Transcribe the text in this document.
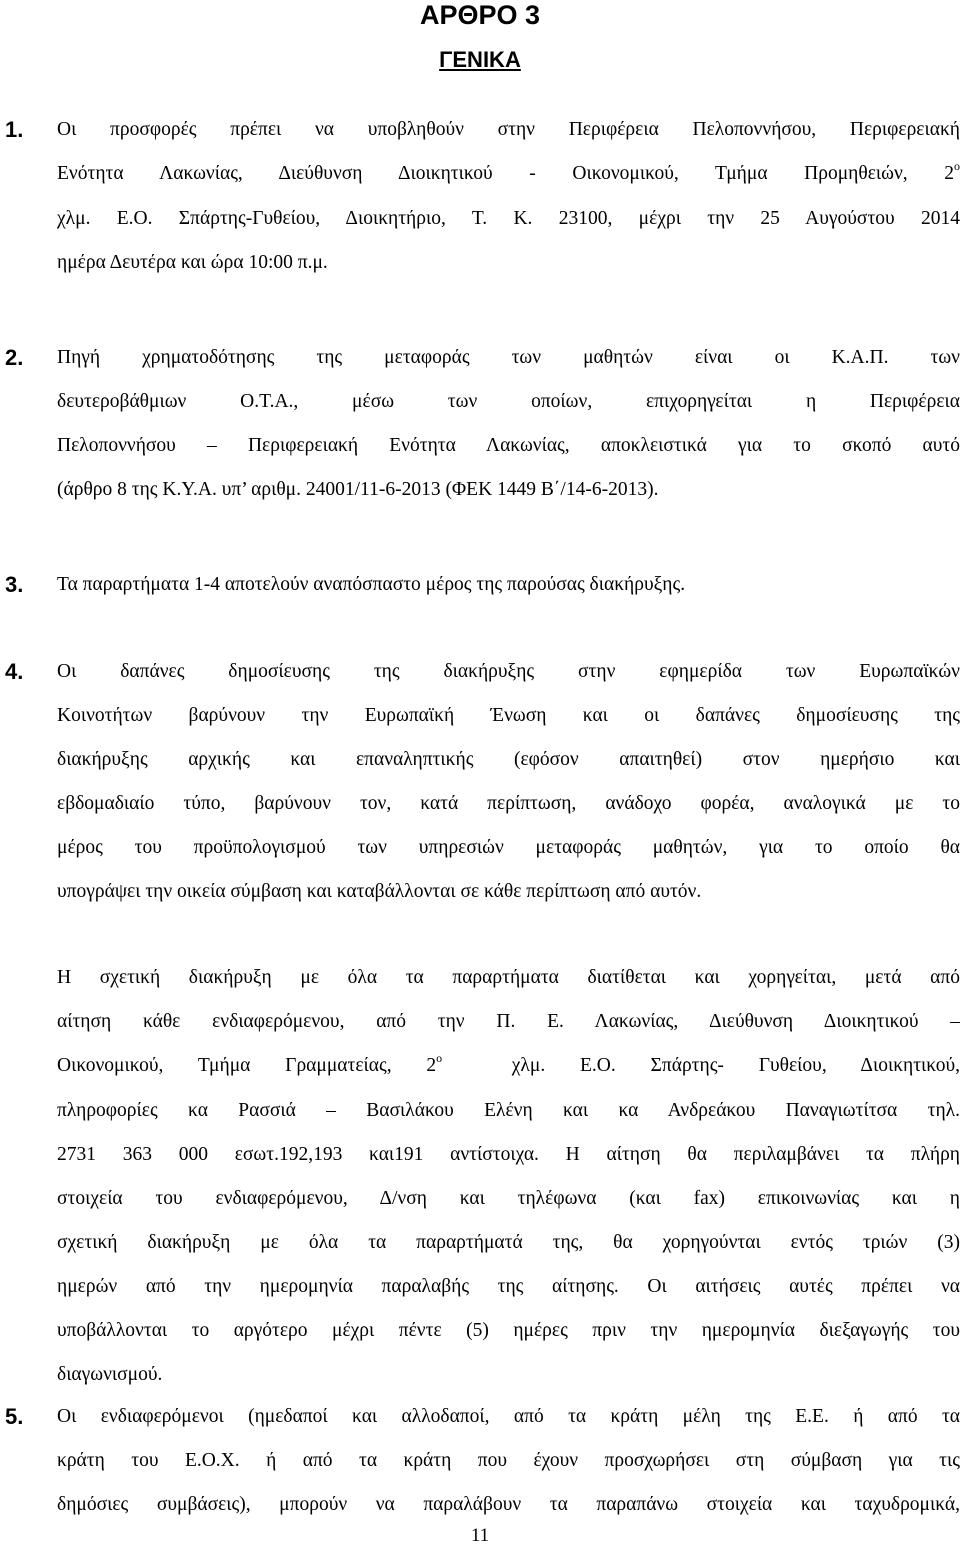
ΑΡΘΡΟ 3
ΓΕΝΙΚΑ
1. Οι προσφορές πρέπει να υποβληθούν στην Περιφέρεια Πελοποννήσου, Περιφερειακή
Ενότητα Λακωνίας, Διεύθυνση Διοικητικού - Οικονομικού, Τμήμα Προμηθειών, $2^o$
χλμ. Ε.Ο. Σπάρτης-Γυθείου, Διοικητήριο, Τ. Κ. 23100, μέχρι την 25 Αυγούστου 2014
ημέρα Δευτέρα και ώρα 10:00 π.μ.
2. Πηγή χρηματοδότησης της μεταφοράς των μαθητών είναι οι Κ.Α.Π. των
δευτεροβάθμιων Ο.Τ.Α., μέσω των οποίων, επιχορηγείται η Περιφέρεια
Πελοποννήσου – Περιφερειακή Ενότητα Λακωνίας, αποκλειστικά για το σκοπό αυτό
(άρθρο 8 της Κ.Υ.Α. υπ’ αριθμ. 24001/11-6-2013 (ΦΕΚ 1449 Β΄/14-6-2013).
3. Τα παραρτήματα 1-4 αποτελούν αναπόσπαστο μέρος της παρούσας διακήρυξης.
4. Οι δαπάνες δημοσίευσης της διακήρυξης στην εφημερίδα των Ευρωπαϊκών
Κοινοτήτων βαρύνουν την Ευρωπαϊκή Ένωση και οι δαπάνες δημοσίευσης της
διακήρυξης αρχικής και επαναληπτικής (εφόσον απαιτηθεί) στον ημερήσιο και
εβδομαδιαίο τύπο, βαρύνουν τον, κατά περίπτωση, ανάδοχο φορέα, αναλογικά με το
μέρος του προϋπολογισμού των υπηρεσιών μεταφοράς μαθητών, για το οποίο θα
υπογράψει την οικεία σύμβαση και καταβάλλονται σε κάθε περίπτωση από αυτόν.
Η σχετική διακήρυξη με όλα τα παραρτήματα διατίθεται και χορηγείται, μετά από
αίτηση κάθε ενδιαφερόμενου, από την Π. Ε. Λακωνίας, Διεύθυνση Διοικητικού –
Οικονομικού, Τμήμα Γραμματείας, $2^o$	χλμ. Ε.Ο. Σπάρτης- Γυθείου, Διοικητικού,
πληροφορίες κα Ρασσιά – Βασιλάκου Ελένη και κα Ανδρεάκου Παναγιωτίτσα τηλ.
2731 363 000 εσωτ.192,193 και191 αντίστοιχα. Η αίτηση θα περιλαμβάνει τα πλήρη
στοιχεία του ενδιαφερόμενου, Δ/νση και τηλέφωνα (και fax) επικοινωνίας και η
σχετική διακήρυξη με όλα τα παραρτήματά της, θα χορηγούνται εντός τριών (3)
ημερών από την ημερομηνία παραλαβής της αίτησης. Οι αιτήσεις αυτές πρέπει να
υποβάλλονται το αργότερο μέχρι πέντε (5) ημέρες πριν την ημερομηνία διεξαγωγής του
διαγωνισμού.
5. Οι ενδιαφερόμενοι (ημεδαποί και αλλοδαποί, από τα κράτη μέλη της Ε.Ε. ή από τα
κράτη του Ε.Ο.Χ. ή από τα κράτη που έχουν προσχωρήσει στη σύμβαση για τις
δημόσιες συμβάσεις), μπορούν να παραλάβουν τα παραπάνω στοιχεία και ταχυδρομικά,
11
